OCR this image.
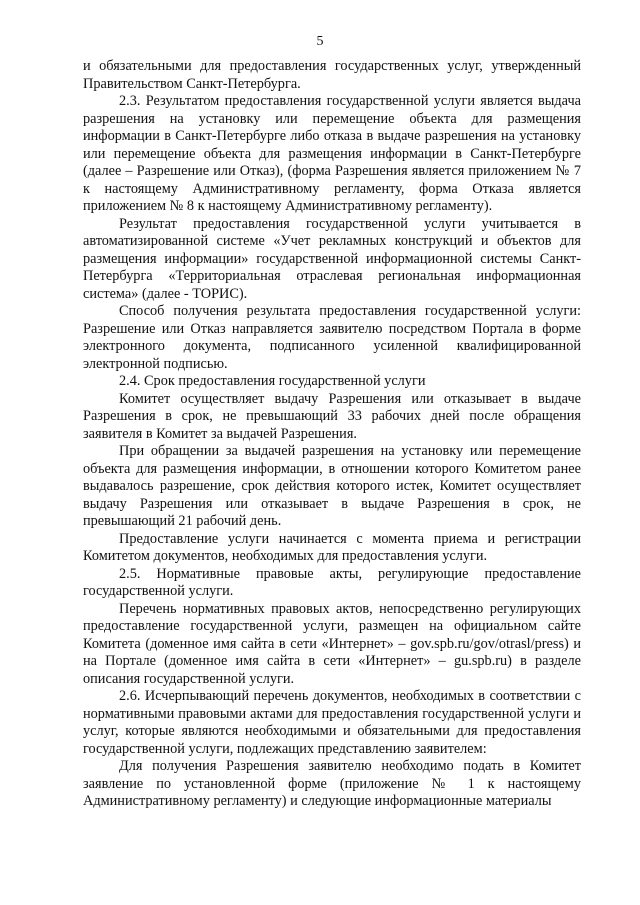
5

и обязательными для предоставления государственных услуг, утвержденный Правительством Санкт-Петербурга.

2.3. Результатом предоставления государственной услуги является выдача разрешения на установку или перемещение объекта для размещения информации в Санкт-Петербурге либо отказа в выдаче разрешения на установку или перемещение объекта для размещения информации в Санкт-Петербурге (далее – Разрешение или Отказ), (форма Разрешения является приложением № 7 к настоящему Административному регламенту, форма Отказа является приложением № 8 к настоящему Административному регламенту).

Результат предоставления государственной услуги учитывается в автоматизированной системе «Учет рекламных конструкций и объектов для размещения информации» государственной информационной системы Санкт-Петербурга «Территориальная отраслевая региональная информационная система» (далее - ТОРИС).

Способ получения результата предоставления государственной услуги: Разрешение или Отказ направляется заявителю посредством Портала в форме электронного документа, подписанного усиленной квалифицированной электронной подписью.

2.4. Срок предоставления государственной услуги

Комитет осуществляет выдачу Разрешения или отказывает в выдаче Разрешения в срок, не превышающий 33 рабочих дней после обращения заявителя в Комитет за выдачей Разрешения.

При обращении за выдачей разрешения на установку или перемещение объекта для размещения информации, в отношении которого Комитетом ранее выдавалось разрешение, срок действия которого истек, Комитет осуществляет выдачу Разрешения или отказывает в выдаче Разрешения в срок, не превышающий 21 рабочий день.

Предоставление услуги начинается с момента приема и регистрации Комитетом документов, необходимых для предоставления услуги.

2.5. Нормативные правовые акты, регулирующие предоставление государственной услуги.

Перечень нормативных правовых актов, непосредственно регулирующих предоставление государственной услуги, размещен на официальном сайте Комитета (доменное имя сайта в сети «Интернет» – gov.spb.ru/gov/otrasl/press) и на Портале (доменное имя сайта в сети «Интернет» – gu.spb.ru) в разделе описания государственной услуги.

2.6. Исчерпывающий перечень документов, необходимых в соответствии с нормативными правовыми актами для предоставления государственной услуги и услуг, которые являются необходимыми и обязательными для предоставления государственной услуги, подлежащих представлению заявителем:

Для получения Разрешения заявителю необходимо подать в Комитет заявление по установленной форме (приложение № 1 к настоящему Административному регламенту) и следующие информационные материалы
